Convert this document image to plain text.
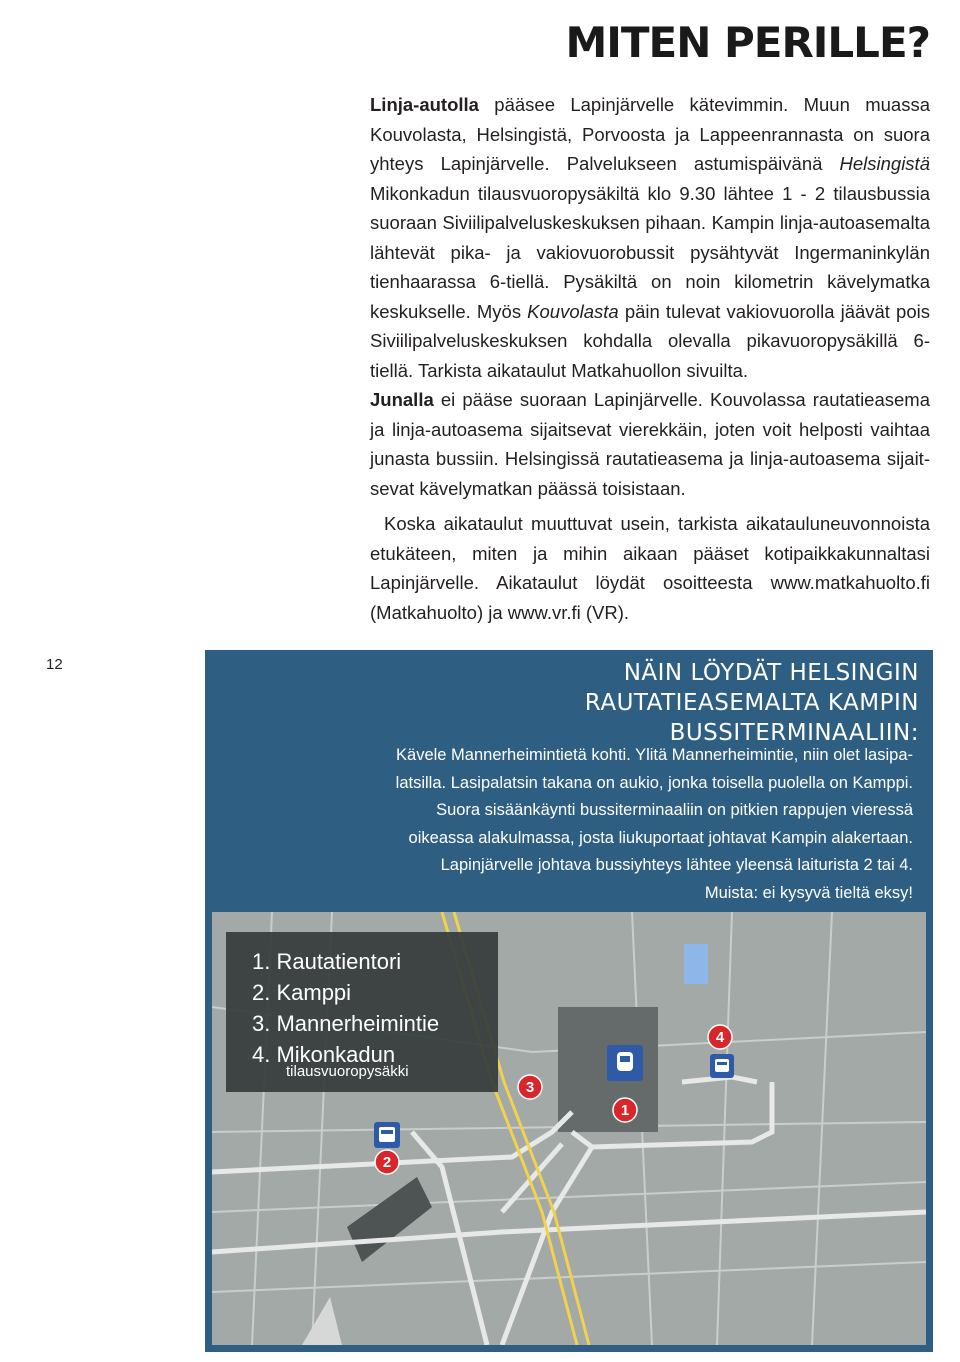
MITEN PERILLE?

Linja-autolla pääsee Lapinjärvelle kätevimmin. Muun muassa Kouvolasta, Helsingistä, Porvoosta ja Lappeenrannasta on suora yhteys Lapinjärvelle. Palvelukseen astumispäivänä Helsingistä Mikonkadun tilausvuoropysäkiltä klo 9.30 lähtee 1 - 2 tilausbussia suoraan Siviilipalveluskeskuksen pihaan. Kampin linja-autoasemalta lähtevät pika- ja vakiovuorobussit pysähtyvät Ingermaninkylän tienhaarassa 6-tiellä. Pysäkiltä on noin kilometrin kävelymatka keskukselle. Myös Kouvolasta päin tulevat vakiovuorolla jäävät pois Siviilipalveluskeskuksen kohdalla olevalla pikavuoropysäkillä 6-tiellä. Tarkista aikataulut Matkahuollon sivuilta.

Junalla ei pääse suoraan Lapinjärvelle. Kouvolassa rautatieasema ja linja-autoasema sijaitsevat vierekkäin, joten voit helposti vaihtaa junasta bussiin. Helsingissä rautatieasema ja linja-autoasema sijaitsevat kävelymatkan päässä toisistaan.

Koska aikataulut muuttuvat usein, tarkista aikatauluneuvonnoista etukäteen, miten ja mihin aikaan pääset kotipaikkakunnaltasi Lapinjärvelle. Aikataulut löydät osoitteesta www.matkahuolto.fi (Matkahuolto) ja www.vr.fi (VR).

12	NÄIN LÖYDÄT HELSINGIN
RAUTATIEASEMALTA KAMPIN
BUSSITERMINAALIIN:
Kävele Mannerheimintietä kohti. Ylitä Mannerheimintie, niin olet lasipa-
latsilla. Lasipalatsin takana on aukio, jonka toisella puolella on Kamppi.
Suora sisäänkäynti bussiterminaaliin on pitkien rappujen vieressä
oikeassa alakulmassa, josta liukuportaat johtavat Kampin alakertaan.
Lapinjärvelle johtava bussiyhteys lähtee yleensä laiturista 2 tai 4.
Muista: ei kysyvä tieltä eksy!
1
2
3
4
1. Rautatientori
2. Kamppi
3. Mannerheimintie
4. Mikonkadun
tilausvuoropysäkki
